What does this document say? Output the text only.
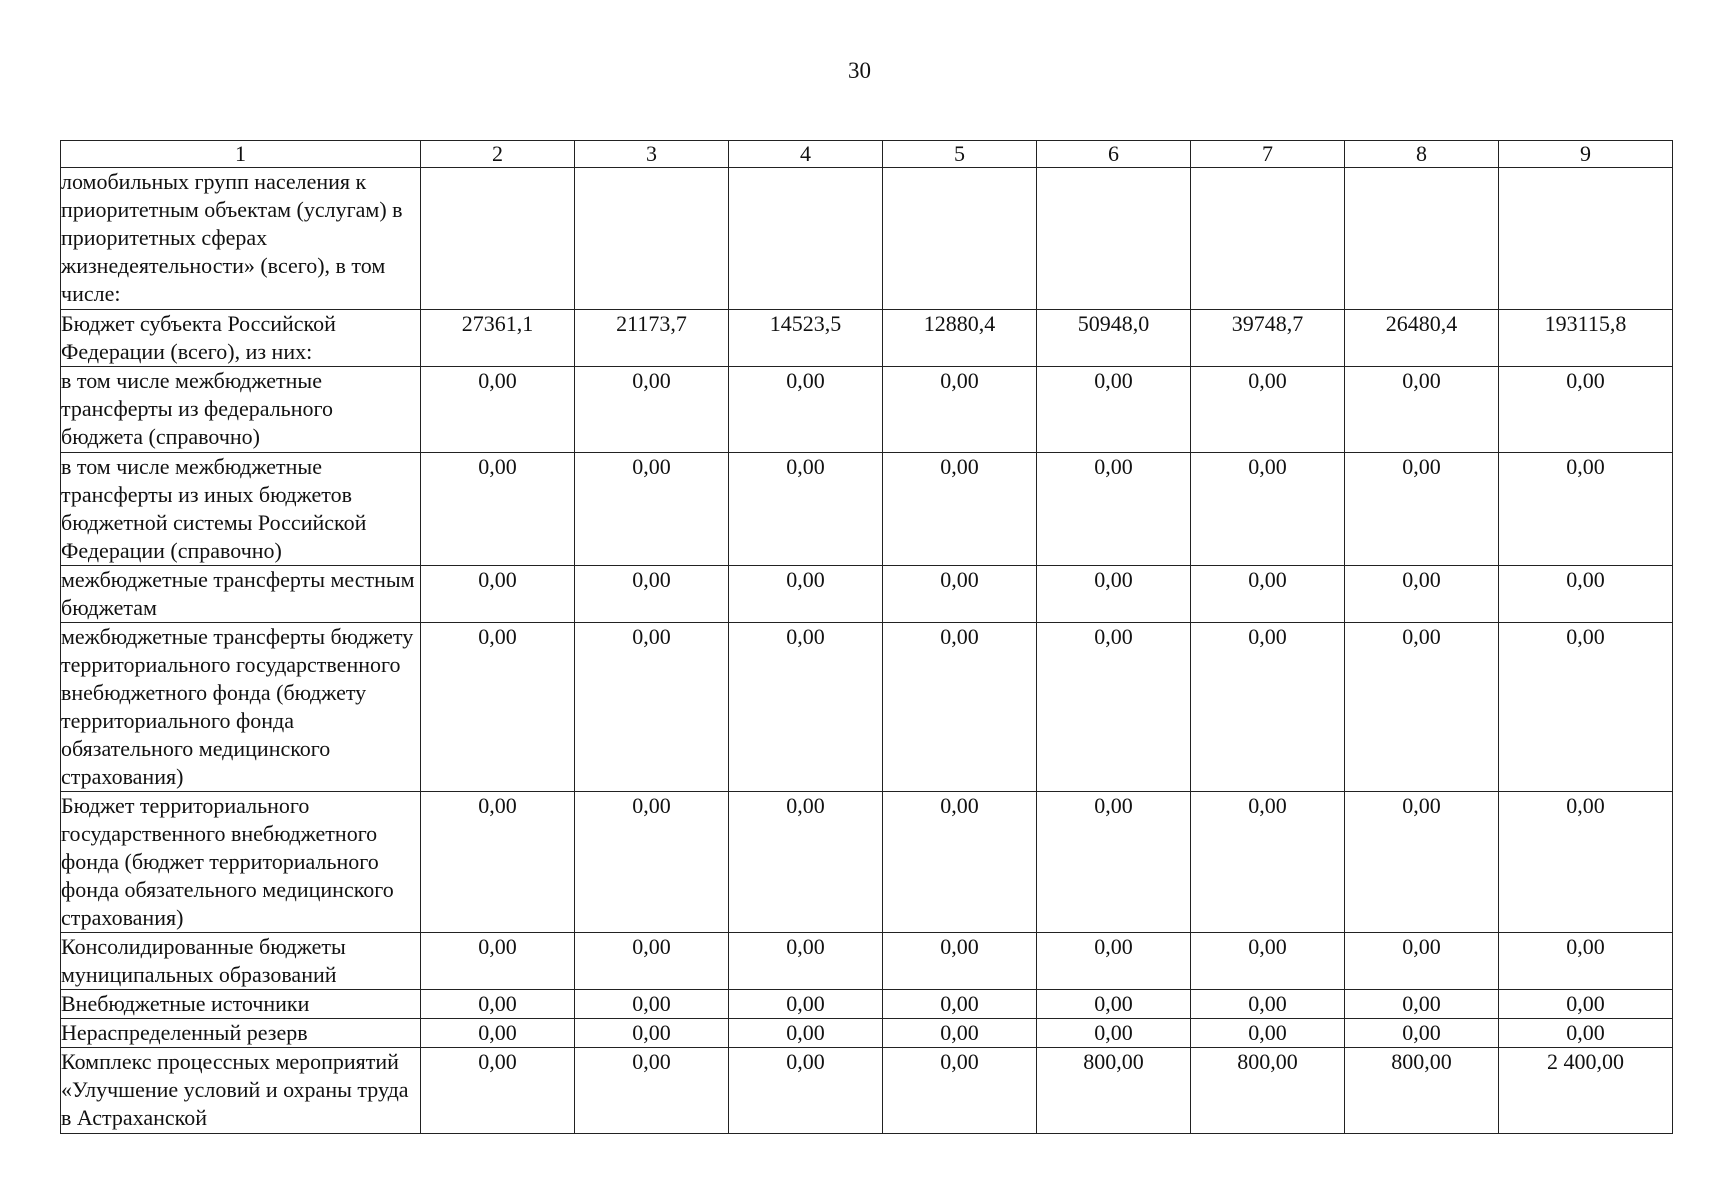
30
1	2	3	4	5	6	7	8	9
ломобильных групп населения к приоритетным объектам (услугам) в приоритетных сферах жизнедеятельности» (всего), в том числе:								
Бюджет субъекта Российской Федерации (всего), из них:	27361,1	21173,7	14523,5	12880,4	50948,0	39748,7	26480,4	193115,8
в том числе межбюджетные трансферты из федерального бюджета (справочно)	0,00	0,00	0,00	0,00	0,00	0,00	0,00	0,00
в том числе межбюджетные трансферты из иных бюджетов бюджетной системы Российской Федерации (справочно)	0,00	0,00	0,00	0,00	0,00	0,00	0,00	0,00
межбюджетные трансферты местным бюджетам	0,00	0,00	0,00	0,00	0,00	0,00	0,00	0,00
межбюджетные трансферты бюджету территориального государственного внебюджетного фонда (бюджету территориального фонда обязательного медицинского страхования)	0,00	0,00	0,00	0,00	0,00	0,00	0,00	0,00
Бюджет территориального государственного внебюджетного фонда (бюджет территориального фонда обязательного медицинского страхования)	0,00	0,00	0,00	0,00	0,00	0,00	0,00	0,00
Консолидированные бюджеты муниципальных образований	0,00	0,00	0,00	0,00	0,00	0,00	0,00	0,00
Внебюджетные источники	0,00	0,00	0,00	0,00	0,00	0,00	0,00	0,00
Нераспределенный резерв	0,00	0,00	0,00	0,00	0,00	0,00	0,00	0,00
Комплекс процессных мероприятий «Улучшение условий и охраны труда в Астраханской	0,00	0,00	0,00	0,00	800,00	800,00	800,00	2 400,00
